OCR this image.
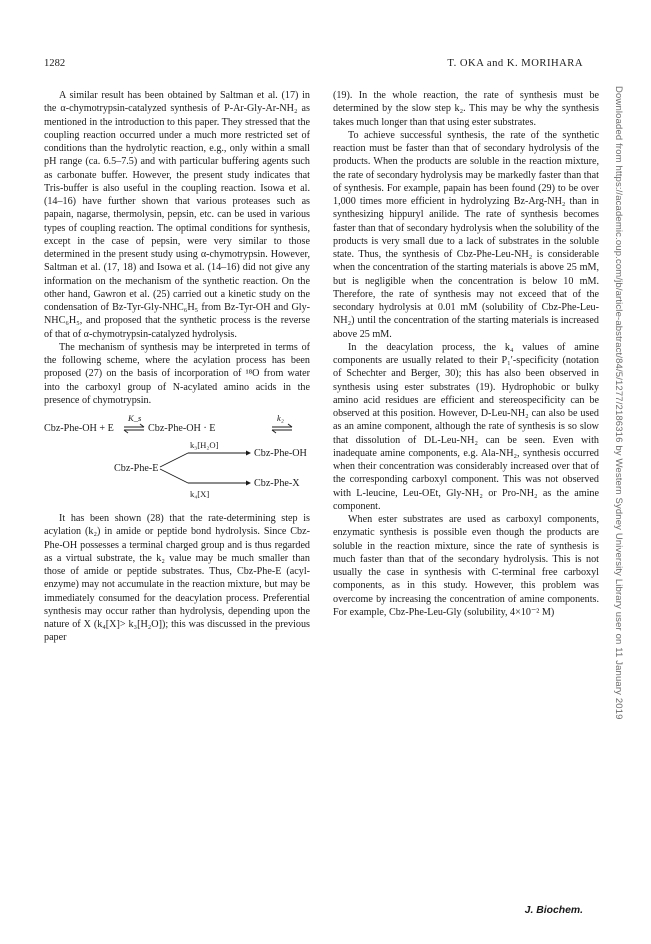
1282	T. OKA and K. MORIHARA

A similar result has been obtained by Saltman et al. (17) in the α-chymotrypsin-catalyzed synthesis of P-Ar-Gly-Ar-NH₂ as mentioned in the introduction to this paper. They stressed that the coupling reaction occurred under a much more restricted set of conditions than the hydrolytic reaction, e.g., only within a small pH range (ca. 6.5–7.5) and with particular buffering agents such as carbonate buffer. However, the present study indicates that Tris-buffer is also useful in the coupling reaction. Isowa et al. (14–16) have further shown that various proteases such as papain, nagarse, thermolysin, pepsin, etc. can be used in various types of coupling reaction. The optimal conditions for synthesis, except in the case of pepsin, were very similar to those determined in the present study using α-chymotrypsin. However, Saltman et al. (17, 18) and Isowa et al. (14–16) did not give any information on the mechanism of the synthetic reaction. On the other hand, Gawron et al. (25) carried out a kinetic study on the condensation of Bz-Tyr-Gly-NHC₆H₅ from Bz-Tyr-OH and Gly-NHC₆H₅, and proposed that the synthetic process is the reverse of that of α-chymotrypsin-catalyzed hydrolysis.

The mechanism of synthesis may be interpreted in terms of the following scheme, where the acylation process has been proposed (27) on the basis of incorporation of ¹⁸O from water into the carboxyl group of N-acylated amino acids in the presence of chymotrypsin.

Cbz-Phe-OH + E
K_s
Cbz-Phe-OH · E
k₂
k₃[H₂O]
Cbz-Phe-E
Cbz-Phe-OH
Cbz-Phe-X
k₄[X]

It has been shown (28) that the rate-determining step is acylation (k₂) in amide or peptide bond hydrolysis. Since Cbz-Phe-OH possesses a terminal charged group and is thus regarded as a virtual substrate, the k₂ value may be much smaller than those of amide or peptide substrates. Thus, Cbz-Phe-E (acyl-enzyme) may not accumulate in the reaction mixture, but may be immediately consumed for the deacylation process. Preferential synthesis may occur rather than hydrolysis, depending upon the nature of X (k₄[X]> k₃[H₂O]); this was discussed in the previous paper

(19). In the whole reaction, the rate of synthesis must be determined by the slow step k₂. This may be why the synthesis takes much longer than that using ester substrates.

To achieve successful synthesis, the rate of the synthetic reaction must be faster than that of secondary hydrolysis of the products. When the products are soluble in the reaction mixture, the rate of secondary hydrolysis may be markedly faster than that of synthesis. For example, papain has been found (29) to be over 1,000 times more efficient in hydrolyzing Bz-Arg-NH₂ than in synthesizing hippuryl anilide. The rate of synthesis becomes faster than that of secondary hydrolysis when the solubility of the products is very small due to a lack of substrates in the soluble state. Thus, the synthesis of Cbz-Phe-Leu-NH₂ is considerable when the concentration of the starting materials is above 25 mM, but is negligible when the concentration is below 10 mM. Therefore, the rate of synthesis may not exceed that of the secondary hydrolysis at 0.01 mM (solubility of Cbz-Phe-Leu-NH₂) until the concentration of the starting materials is increased above 25 mM.

In the deacylation process, the k₄ values of amine components are usually related to their P₁′-specificity (notation of Schechter and Berger, 30); this has also been observed in synthesis using ester substrates (19). Hydrophobic or bulky amino acid residues are efficient and stereospecificity can be observed at this position. However, D-Leu-NH₂ can also be used as an amine component, although the rate of synthesis is so slow that dissolution of DL-Leu-NH₂ can be seen. Even with inadequate amine components, e.g. Ala-NH₂, synthesis occurred when their concentration was considerably increased over that of the corresponding carboxyl component. This was not observed with L-leucine, Leu-OEt, Gly-NH₂ or Pro-NH₂ as the amine component.

When ester substrates are used as carboxyl components, enzymatic synthesis is possible even though the products are soluble in the reaction mixture, since the rate of synthesis is much faster than that of the secondary hydrolysis. This is not usually the case in synthesis with C-terminal free carboxyl components, as in this study. However, this problem was overcome by increasing the concentration of amine components. For example, Cbz-Phe-Leu-Gly (solubility, 4×10⁻² M)	Downloaded from https://academic.oup.com/jb/article-abstract/84/5/1277/2186316 by Western Sydney University Library user on 11 January 2019
J. Biochem.
